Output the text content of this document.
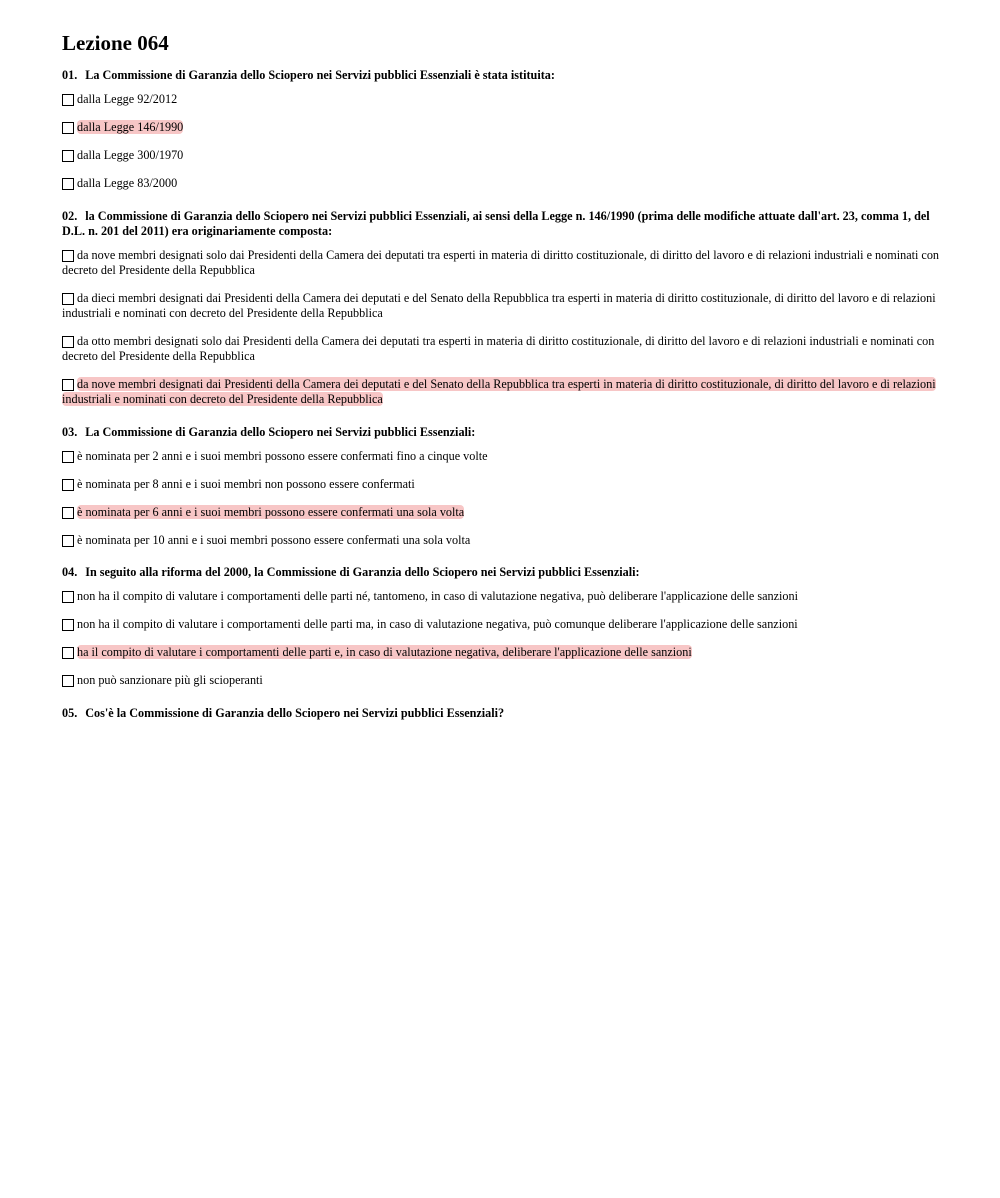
Lezione 064
01. La Commissione di Garanzia dello Sciopero nei Servizi pubblici Essenziali è stata istituita:
dalla Legge 92/2012
dalla Legge 146/1990
dalla Legge 300/1970
dalla Legge 83/2000
02. la Commissione di Garanzia dello Sciopero nei Servizi pubblici Essenziali, ai sensi della Legge n. 146/1990 (prima delle modifiche attuate dall'art. 23, comma 1, del D.L. n. 201 del 2011) era originariamente composta:
da nove membri designati solo dai Presidenti della Camera dei deputati tra esperti in materia di diritto costituzionale, di diritto del lavoro e di relazioni industriali e nominati con decreto del Presidente della Repubblica
da dieci membri designati dai Presidenti della Camera dei deputati e del Senato della Repubblica tra esperti in materia di diritto costituzionale, di diritto del lavoro e di relazioni industriali e nominati con decreto del Presidente della Repubblica
da otto membri designati solo dai Presidenti della Camera dei deputati tra esperti in materia di diritto costituzionale, di diritto del lavoro e di relazioni industriali e nominati con decreto del Presidente della Repubblica
da nove membri designati dai Presidenti della Camera dei deputati e del Senato della Repubblica tra esperti in materia di diritto costituzionale, di diritto del lavoro e di relazioni industriali e nominati con decreto del Presidente della Repubblica
03. La Commissione di Garanzia dello Sciopero nei Servizi pubblici Essenziali:
è nominata per 2 anni e i suoi membri possono essere confermati fino a cinque volte
è nominata per 8 anni e i suoi membri non possono essere confermati
è nominata per 6 anni e i suoi membri possono essere confermati una sola volta
è nominata per 10 anni e i suoi membri possono essere confermati una sola volta
04. In seguito alla riforma del 2000, la Commissione di Garanzia dello Sciopero nei Servizi pubblici Essenziali:
non ha il compito di valutare i comportamenti delle parti né, tantomeno, in caso di valutazione negativa, può deliberare l'applicazione delle sanzioni
non ha il compito di valutare i comportamenti delle parti ma, in caso di valutazione negativa, può comunque deliberare l'applicazione delle sanzioni
ha il compito di valutare i comportamenti delle parti e, in caso di valutazione negativa, deliberare l'applicazione delle sanzioni
non può sanzionare più gli scioperanti
05. Cos'è la Commissione di Garanzia dello Sciopero nei Servizi pubblici Essenziali?
